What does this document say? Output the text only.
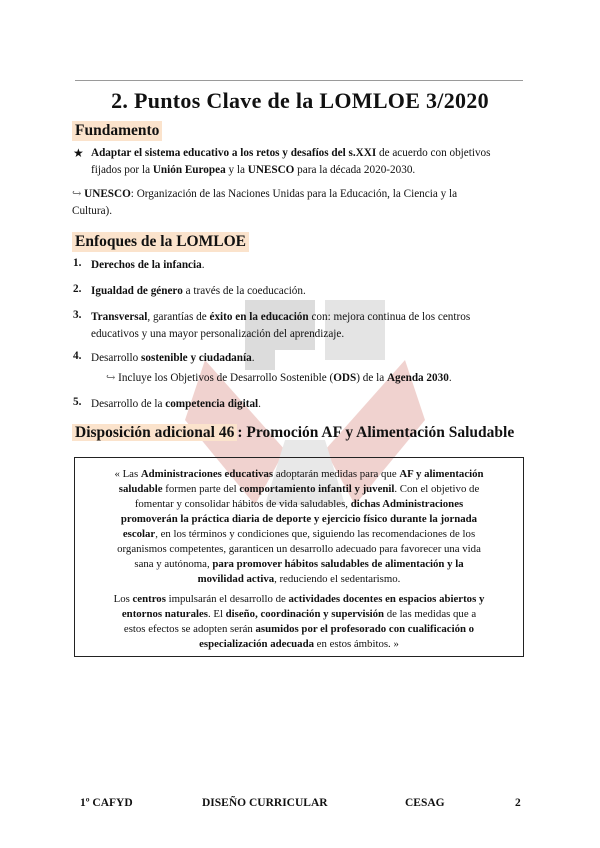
2. Puntos Clave de la LOMLOE 3/2020
Fundamento
★ Adaptar el sistema educativo a los retos y desafíos del s.XXI de acuerdo con objetivos
fijados por la Unión Europea y la UNESCO para la década 2020-2030.

↪ UNESCO: Organización de las Naciones Unidas para la Educación, la Ciencia y la
Cultura).

Enfoques de la LOMLOE
1. Derechos de la infancia.

2. Igualdad de género a través de la coeducación.

3. Transversal, garantías de éxito en la educación con: mejora continua de los centros
educativos y una mayor personalización del aprendizaje.

4. Desarrollo sostenible y ciudadanía.

↪ Incluye los Objetivos de Desarrollo Sostenible (ODS) de la Agenda 2030.

5. Desarrollo de la competencia digital.

Disposición adicional 46 : Promoción AF y Alimentación Saludable

« Las Administraciones educativas adoptarán medidas para que AF y alimentación
saludable formen parte del comportamiento infantil y juvenil. Con el objetivo de
fomentar y consolidar hábitos de vida saludables, dichas Administraciones
promoverán la práctica diaria de deporte y ejercicio físico durante la jornada
escolar, en los términos y condiciones que, siguiendo las recomendaciones de los
organismos competentes, garanticen un desarrollo adecuado para favorecer una vida
sana y autónoma, para promover hábitos saludables de alimentación y la
movilidad activa, reduciendo el sedentarismo.

Los centros impulsarán el desarrollo de actividades docentes en espacios abiertos y
entornos naturales. El diseño, coordinación y supervisión de las medidas que a
estos efectos se adopten serán asumidos por el profesorado con cualificación o
especialización adecuada en estos ámbitos. »

1º CAFYD	DISEÑO CURRICULAR	CESAG	2
